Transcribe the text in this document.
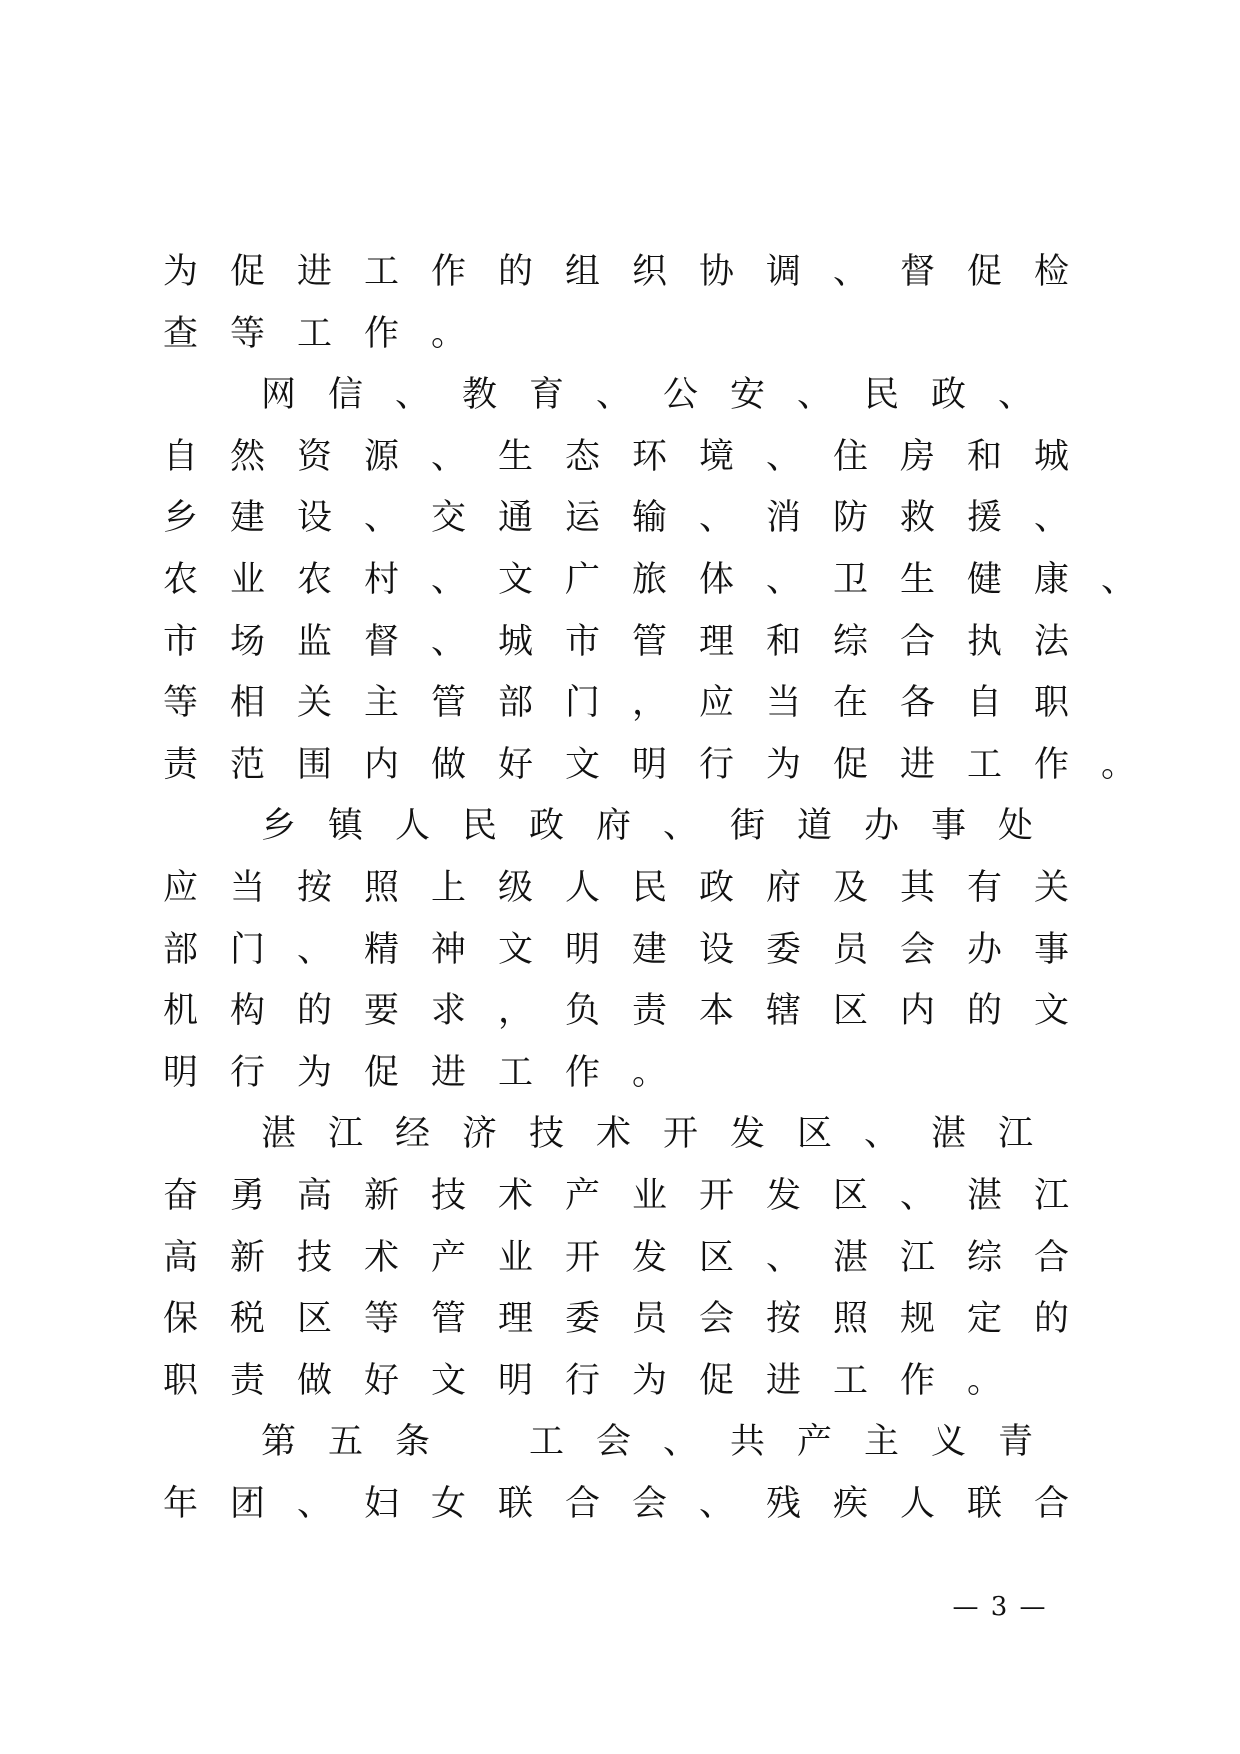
为促进工作的组织协调、督促检
查等工作。
网信、教育、公安、民政、
自然资源、生态环境、住房和城
乡建设、交通运输、消防救援、
农业农村、文广旅体、卫生健康、
市场监督、城市管理和综合执法
等相关主管部门，应当在各自职
责范围内做好文明行为促进工作。
乡镇人民政府、街道办事处
应当按照上级人民政府及其有关
部门、精神文明建设委员会办事
机构的要求，负责本辖区内的文
明行为促进工作。
湛江经济技术开发区、湛江
奋勇高新技术产业开发区、湛江
高新技术产业开发区、湛江综合
保税区等管理委员会按照规定的
职责做好文明行为促进工作。
第五条　工会、共产主义青
年团、妇女联合会、残疾人联合
— 3 —
